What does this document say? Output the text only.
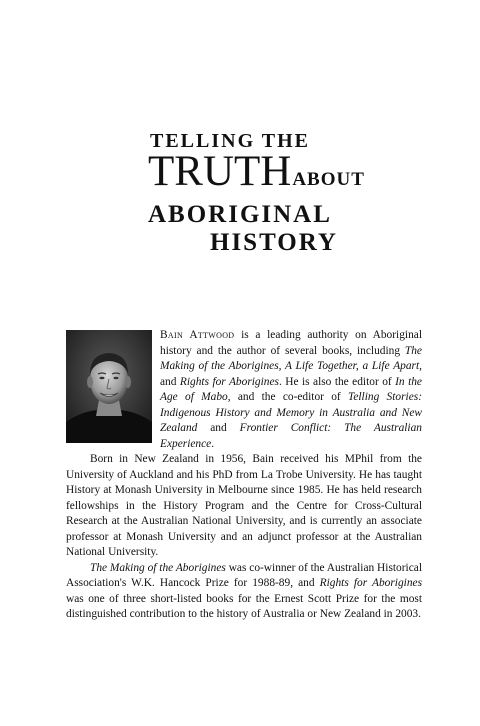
TELLING THE
TRUTHABOUT
ABORIGINAL
HISTORY

Bain Attwood is a leading authority on Aboriginal history and the author of several books, including The Making of the Aborigines, A Life Together, a Life Apart, and Rights for Aborigines. He is also the editor of In the Age of Mabo, and the co-editor of Telling Stories: Indigenous History and Memory in Australia and New Zealand and Frontier Conflict: The Australian Experience.

Born in New Zealand in 1956, Bain received his MPhil from the University of Auckland and his PhD from La Trobe University. He has taught History at Monash University in Melbourne since 1985. He has held research fellowships in the History Program and the Centre for Cross-Cultural Research at the Australian National University, and is currently an associate professor at Monash University and an adjunct professor at the Australian National University.

The Making of the Aborigines was co-winner of the Australian Historical Association's W.K. Hancock Prize for 1988-89, and Rights for Aborigines was one of three short-listed books for the Ernest Scott Prize for the most distinguished contribution to the history of Australia or New Zealand in 2003.
